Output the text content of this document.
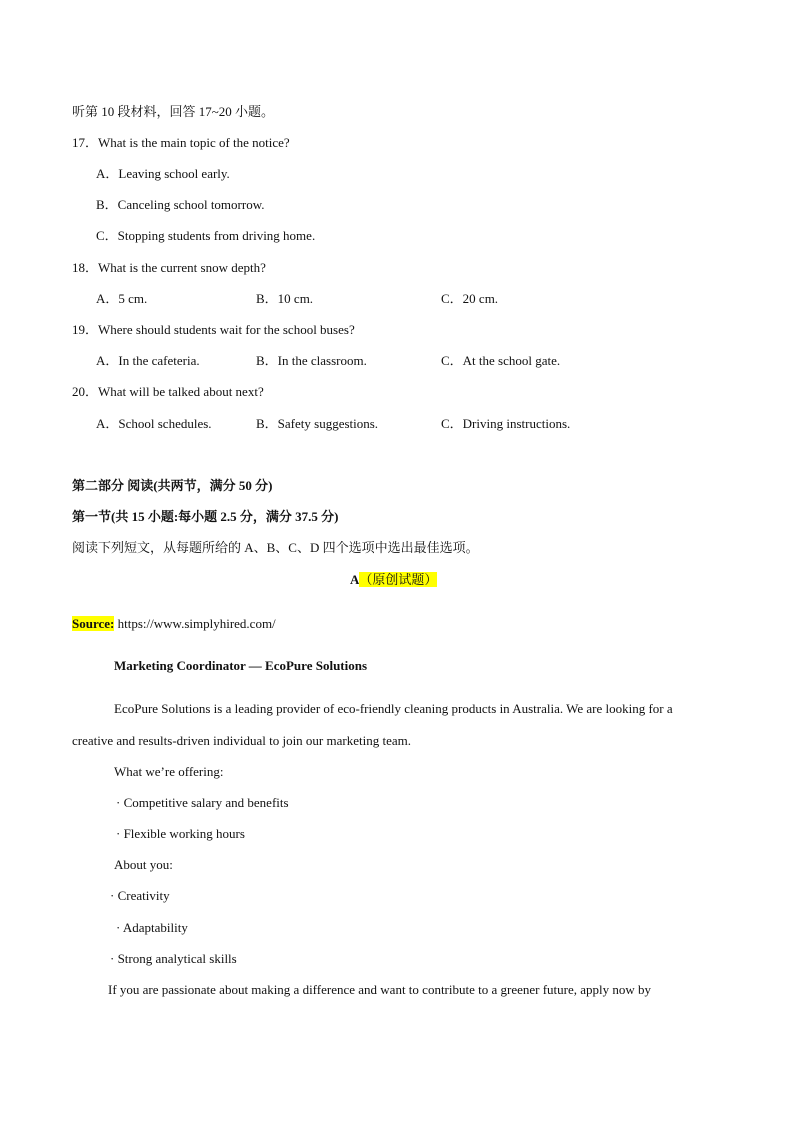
听第 10 段材料，回答 17~20 小题。
17．What is the main topic of the notice?
A．Leaving school early.
B．Canceling school tomorrow.
C．Stopping students from driving home.
18．What is the current snow depth?
A．5 cm.	B．10 cm.	C．20 cm.
19．Where should students wait for the school buses?
A．In the cafeteria.	B．In the classroom.	C．At the school gate.
20．What will be talked about next?
A．School schedules.	B．Safety suggestions.	C．Driving instructions.
第二部分 阅读(共两节，满分 50 分)
第一节(共 15 小题:每小题 2.5 分，满分 37.5 分)
阅读下列短文，从每题所给的 A、B、C、D 四个选项中选出最佳选项。
A（原创试题）
Source: https://www.simplyhired.com/
Marketing Coordinator — EcoPure Solutions
EcoPure Solutions is a leading provider of eco-friendly cleaning products in Australia. We are looking for a
creative and results-driven individual to join our marketing team.
What we’re offering:
· Competitive salary and benefits
· Flexible working hours
About you:
· Creativity
· Adaptability
· Strong analytical skills
If you are passionate about making a difference and want to contribute to a greener future, apply now by
